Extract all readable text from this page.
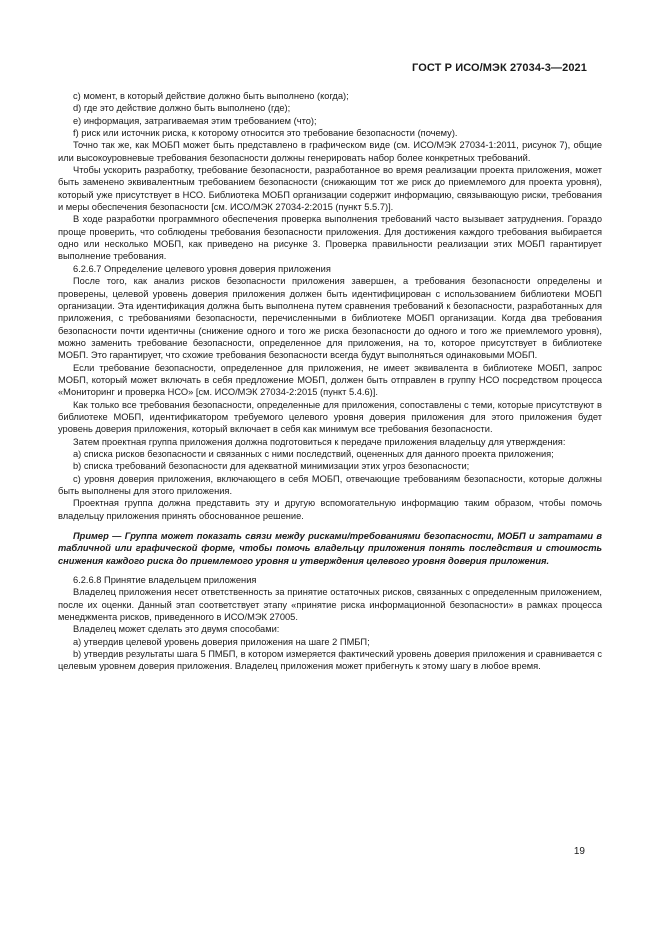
ГОСТ Р ИСО/МЭК 27034-3—2021

c) момент, в который действие должно быть выполнено (когда);

d) где это действие должно быть выполнено (где);

e) информация, затрагиваемая этим требованием (что);

f) риск или источник риска, к которому относится это требование безопасности (почему).

Точно так же, как МОБП может быть представлено в графическом виде (см. ИСО/МЭК 27034-1:2011, рисунок 7), общие или высокоуровневые требования безопасности должны генерировать набор более конкретных требований.

Чтобы ускорить разработку, требование безопасности, разработанное во время реализации проекта приложения, может быть заменено эквивалентным требованием безопасности (снижающим тот же риск до приемлемого для проекта уровня), который уже присутствует в НСО. Библиотека МОБП организации содержит информацию, связывающую риски, требования и меры обеспечения безопасности [см. ИСО/МЭК 27034-2:2015 (пункт 5.5.7)].

В ходе разработки программного обеспечения проверка выполнения требований часто вызывает затруднения. Гораздо проще проверить, что соблюдены требования безопасности приложения. Для достижения каждого требования выбирается одно или несколько МОБП, как приведено на рисунке 3. Проверка правильности реализации этих МОБП гарантирует выполнение требования.

6.2.6.7 Определение целевого уровня доверия приложения

После того, как анализ рисков безопасности приложения завершен, а требования безопасности определены и проверены, целевой уровень доверия приложения должен быть идентифицирован с использованием библиотеки МОБП организации. Эта идентификация должна быть выполнена путем сравнения требований к безопасности, разработанных для приложения, с требованиями безопасности, перечисленными в библиотеке МОБП организации. Когда два требования безопасности почти идентичны (снижение одного и того же риска безопасности до одного и того же приемлемого уровня), можно заменить требование безопасности, определенное для приложения, на то, которое присутствует в библиотеке МОБП. Это гарантирует, что схожие требования безопасности всегда будут выполняться одинаковыми МОБП.

Если требование безопасности, определенное для приложения, не имеет эквивалента в библиотеке МОБП, запрос МОБП, который может включать в себя предложение МОБП, должен быть отправлен в группу НСО посредством процесса «Мониторинг и проверка НСО» [см. ИСО/МЭК 27034-2:2015 (пункт 5.4.6)].

Как только все требования безопасности, определенные для приложения, сопоставлены с теми, которые присутствуют в библиотеке МОБП, идентификатором требуемого целевого уровня доверия приложения для этого приложения будет уровень доверия приложения, который включает в себя как минимум все требования безопасности.

Затем проектная группа приложения должна подготовиться к передаче приложения владельцу для утверждения:

a) списка рисков безопасности и связанных с ними последствий, оцененных для данного проекта приложения;

b) списка требований безопасности для адекватной минимизации этих угроз безопасности;

c) уровня доверия приложения, включающего в себя МОБП, отвечающие требованиям безопасности, которые должны быть выполнены для этого приложения.

Проектная группа должна представить эту и другую вспомогательную информацию таким образом, чтобы помочь владельцу приложения принять обоснованное решение.

Пример — Группа может показать связи между рисками/требованиями безопасности, МОБП и затратами в табличной или графической форме, чтобы помочь владельцу приложения понять последствия и стоимость снижения каждого риска до приемлемого уровня и утверждения целевого уровня доверия приложения.

6.2.6.8 Принятие владельцем приложения

Владелец приложения несет ответственность за принятие остаточных рисков, связанных с определенным приложением, после их оценки. Данный этап соответствует этапу «принятие риска информационной безопасности» в рамках процесса менеджмента рисков, приведенного в ИСО/МЭК 27005.

Владелец может сделать это двумя способами:

a) утвердив целевой уровень доверия приложения на шаге 2 ПМБП;

b) утвердив результаты шага 5 ПМБП, в котором измеряется фактический уровень доверия приложения и сравнивается с целевым уровнем доверия приложения. Владелец приложения может прибегнуть к этому шагу в любое время.

19
